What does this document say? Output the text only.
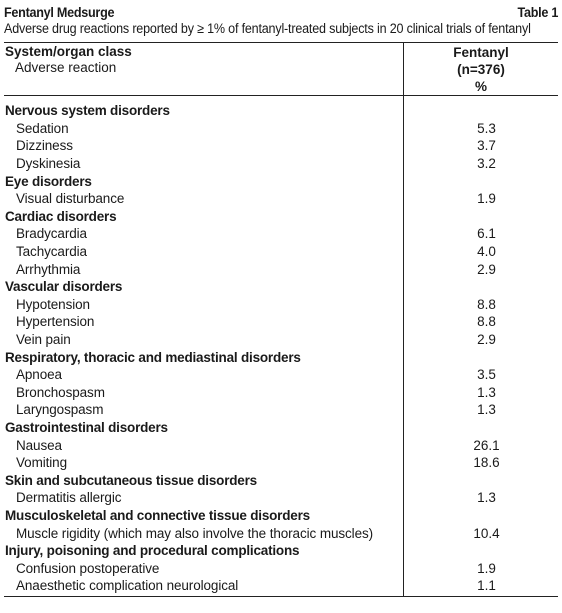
Fentanyl Medsurge	Table 1
Adverse drug reactions reported by ≥ 1% of fentanyl-treated subjects in 20 clinical trials of fentanyl
System/organ class
Adverse reaction
Fentanyl
(n=376)
%
Nervous system disorders
Sedation	5.3
Dizziness	3.7
Dyskinesia	3.2
Eye disorders
Visual disturbance	1.9
Cardiac disorders
Bradycardia	6.1
Tachycardia	4.0
Arrhythmia	2.9
Vascular disorders
Hypotension	8.8
Hypertension	8.8
Vein pain	2.9
Respiratory, thoracic and mediastinal disorders
Apnoea	3.5
Bronchospasm	1.3
Laryngospasm	1.3
Gastrointestinal disorders
Nausea	26.1
Vomiting	18.6
Skin and subcutaneous tissue disorders
Dermatitis allergic	1.3
Musculoskeletal and connective tissue disorders
Muscle rigidity (which may also involve the thoracic muscles)	10.4
Injury, poisoning and procedural complications
Confusion postoperative	1.9
Anaesthetic complication neurological	1.1
